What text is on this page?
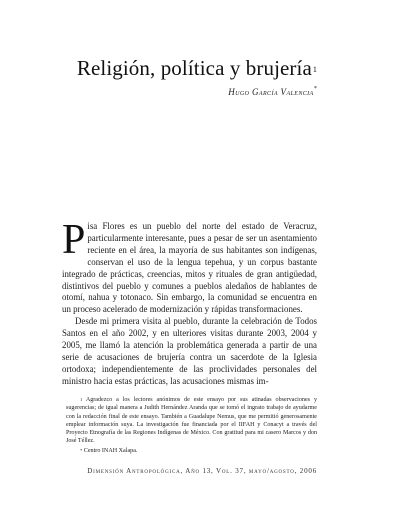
Religión, política y brujería$^1$
Hugo García Valencia*

Pisa Flores es un pueblo del norte del estado de Veracruz, particularmente interesante, pues a pesar de ser un asentamiento reciente en el área, la mayoría de sus habitantes son indígenas, conservan el uso de la lengua tepehua, y un corpus bastante integrado de prácticas, creencias, mitos y rituales de gran antigüedad, distintivos del pueblo y comunes a pueblos aledaños de hablantes de otomí, nahua y totonaco. Sin embargo, la comunidad se encuentra en un proceso acelerado de modernización y rápidas transformaciones.

Desde mi primera visita al pueblo, durante la celebración de Todos Santos en el año 2002, y en ulteriores visitas durante 2003, 2004 y 2005, me llamó la atención la problemática generada a partir de una serie de acusaciones de brujería contra un sacerdote de la Iglesia ortodoxa; independientemente de las proclividades personales del ministro hacia estas prácticas, las acusaciones mismas im-

$^1$ Agradezco a los lectores anónimos de este ensayo por sus atinadas observaciones y sugerencias; de igual manera a Judith Hernández Aranda que se tomó el ingrato trabajo de ayudarme con la redacción final de este ensayo. También a Guadalupe Nemus, que me permitió generosamente emplear información suya. La investigación fue financiada por el IIFAH y Conacyt a través del Proyecto Etnografía de las Regiones Indígenas de México. Con gratitud para mi casero Marcos y don José Téllez.

* Centro INAH Xalapa.

Dimensión Antropológica, Año 13, Vol. 37, mayo/agosto, 2006
